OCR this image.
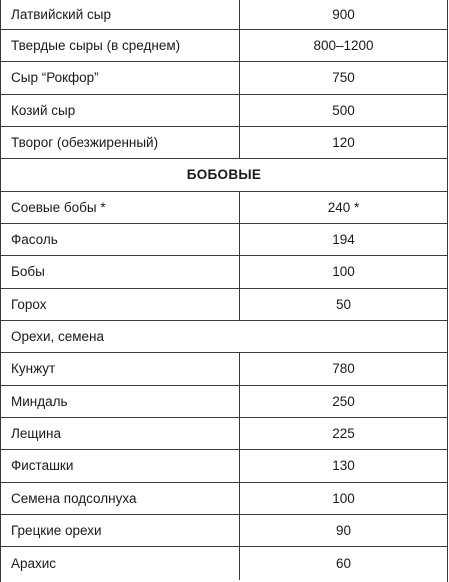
Латвийский сыр	900
Твердые сыры (в среднем)	800–1200
Сыр “Рокфор”	750
Козий сыр	500
Творог (обезжиренный)	120
БОБОВЫЕ
Соевые бобы *	240 *
Фасоль	194
Бобы	100
Горох	50
Орехи, семена
Кунжут	780
Миндаль	250
Лещина	225
Фисташки	130
Семена подсолнуха	100
Грецкие орехи	90
Арахис	60
